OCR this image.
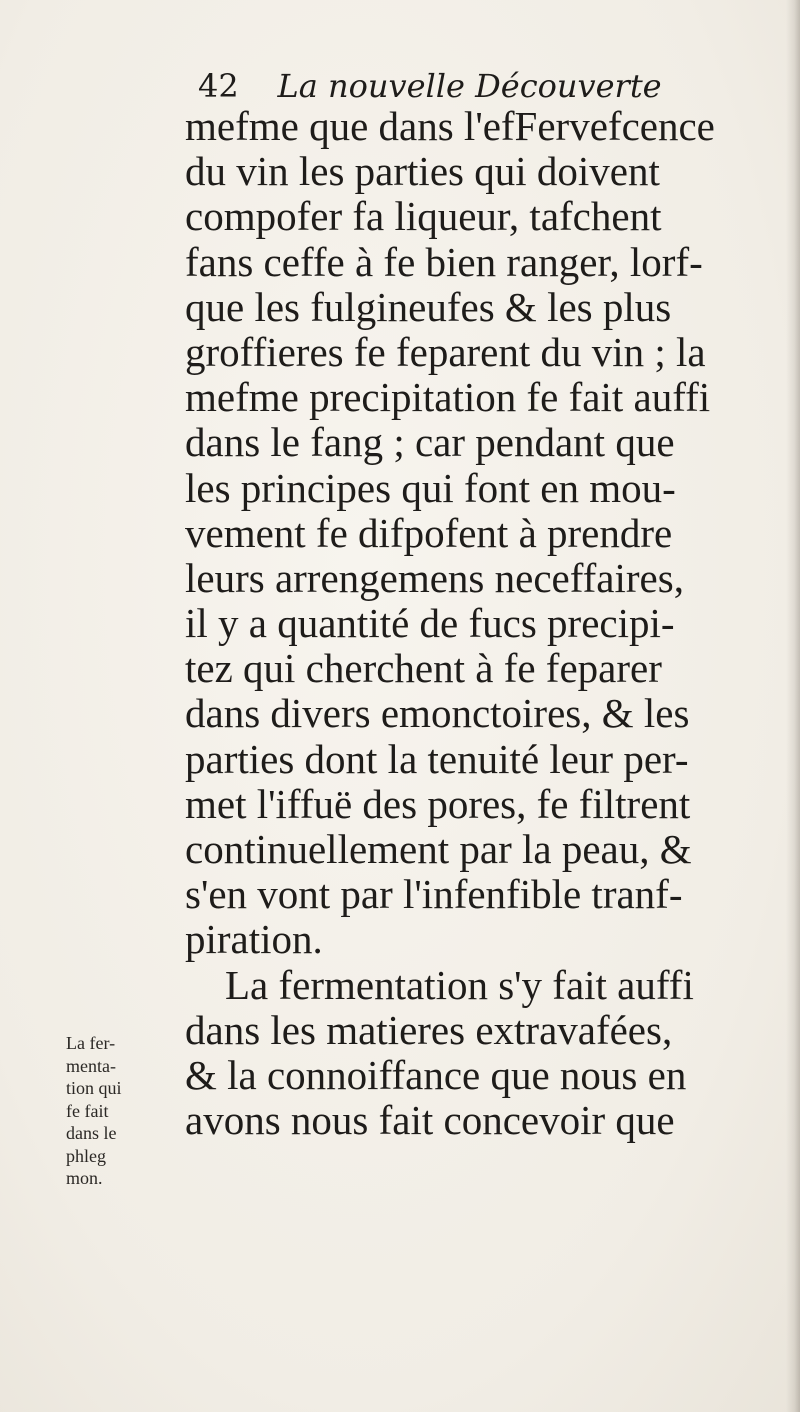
42 La nouvelle Découverte
mefme que dans l'efFervefcence
du vin les parties qui doivent
compofer fa liqueur, tafchent
fans ceffe à fe bien ranger, lorf-
que les fulgineufes & les plus
groffieres fe feparent du vin ; la
mefme precipitation fe fait auffi
dans le fang ; car pendant que
les principes qui font en mou-
vement fe difpofent à prendre
leurs arrengemens neceffaires,
il y a quantité de fucs precipi-
tez qui cherchent à fe feparer
dans divers emonctoires, & les
parties dont la tenuité leur per-
met l'iffuë des pores, fe filtrent
continuellement par la peau, &
s'en vont par l'infenfible tranf-
piration.
La fermentation s'y fait auffi
dans les matieres extravafées,
& la connoiffance que nous en
avons nous fait concevoir que
La fer-
menta-
tion qui
fe fait
dans le
phleg
mon.
